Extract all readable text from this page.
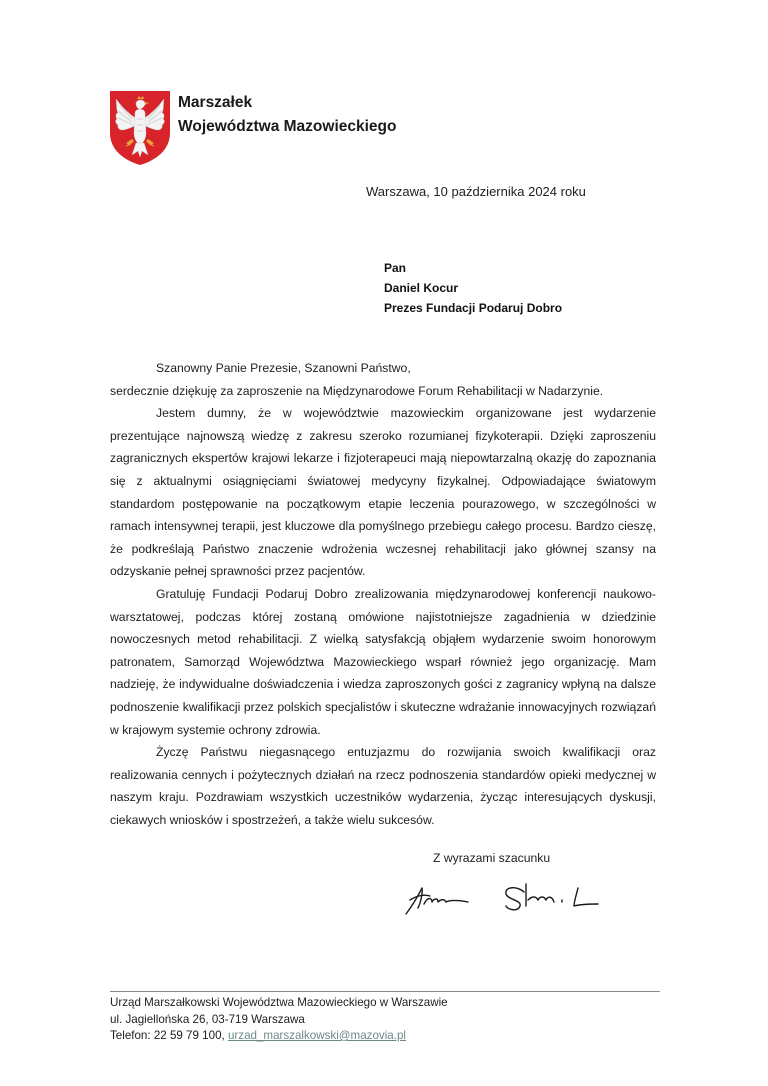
Marszałek
Województwa Mazowieckiego
Warszawa, 10 października 2024 roku
Pan
Daniel Kocur
Prezes Fundacji Podaruj Dobro

Szanowny Panie Prezesie, Szanowni Państwo,

serdecznie dziękuję za zaproszenie na Międzynarodowe Forum Rehabilitacji w Nadarzynie.

Jestem dumny, że w województwie mazowieckim organizowane jest wydarzenie prezentujące najnowszą wiedzę z zakresu szeroko rozumianej fizykoterapii. Dzięki zaproszeniu zagranicznych ekspertów krajowi lekarze i fizjoterapeuci mają niepowtarzalną okazję do zapoznania się z aktualnymi osiągnięciami światowej medycyny fizykalnej. Odpowiadające światowym standardom postępowanie na początkowym etapie leczenia pourazowego, w szczególności w ramach intensywnej terapii, jest kluczowe dla pomyślnego przebiegu całego procesu. Bardzo cieszę, że podkreślają Państwo znaczenie wdrożenia wczesnej rehabilitacji jako głównej szansy na odzyskanie pełnej sprawności przez pacjentów.

Gratuluję Fundacji Podaruj Dobro zrealizowania międzynarodowej konferencji naukowo-warsztatowej, podczas której zostaną omówione najistotniejsze zagadnienia w dziedzinie nowoczesnych metod rehabilitacji. Z wielką satysfakcją objąłem wydarzenie swoim honorowym patronatem, Samorząd Województwa Mazowieckiego wsparł również jego organizację. Mam nadzieję, że indywidualne doświadczenia i wiedza zaproszonych gości z zagranicy wpłyną na dalsze podnoszenie kwalifikacji przez polskich specjalistów i skuteczne wdrażanie innowacyjnych rozwiązań w krajowym systemie ochrony zdrowia.

Życzę Państwu niegasnącego entuzjazmu do rozwijania swoich kwalifikacji oraz realizowania cennych i pożytecznych działań na rzecz podnoszenia standardów opieki medycznej w naszym kraju. Pozdrawiam wszystkich uczestników wydarzenia, życząc interesujących dyskusji, ciekawych wniosków i spostrzeżeń, a także wielu sukcesów.

Z wyrazami szacunku
Urząd Marszałkowski Województwa Mazowieckiego w Warszawie
ul. Jagiellońska 26, 03-719 Warszawa
Telefon: 22 59 79 100, urzad_marszalkowski@mazovia.pl
